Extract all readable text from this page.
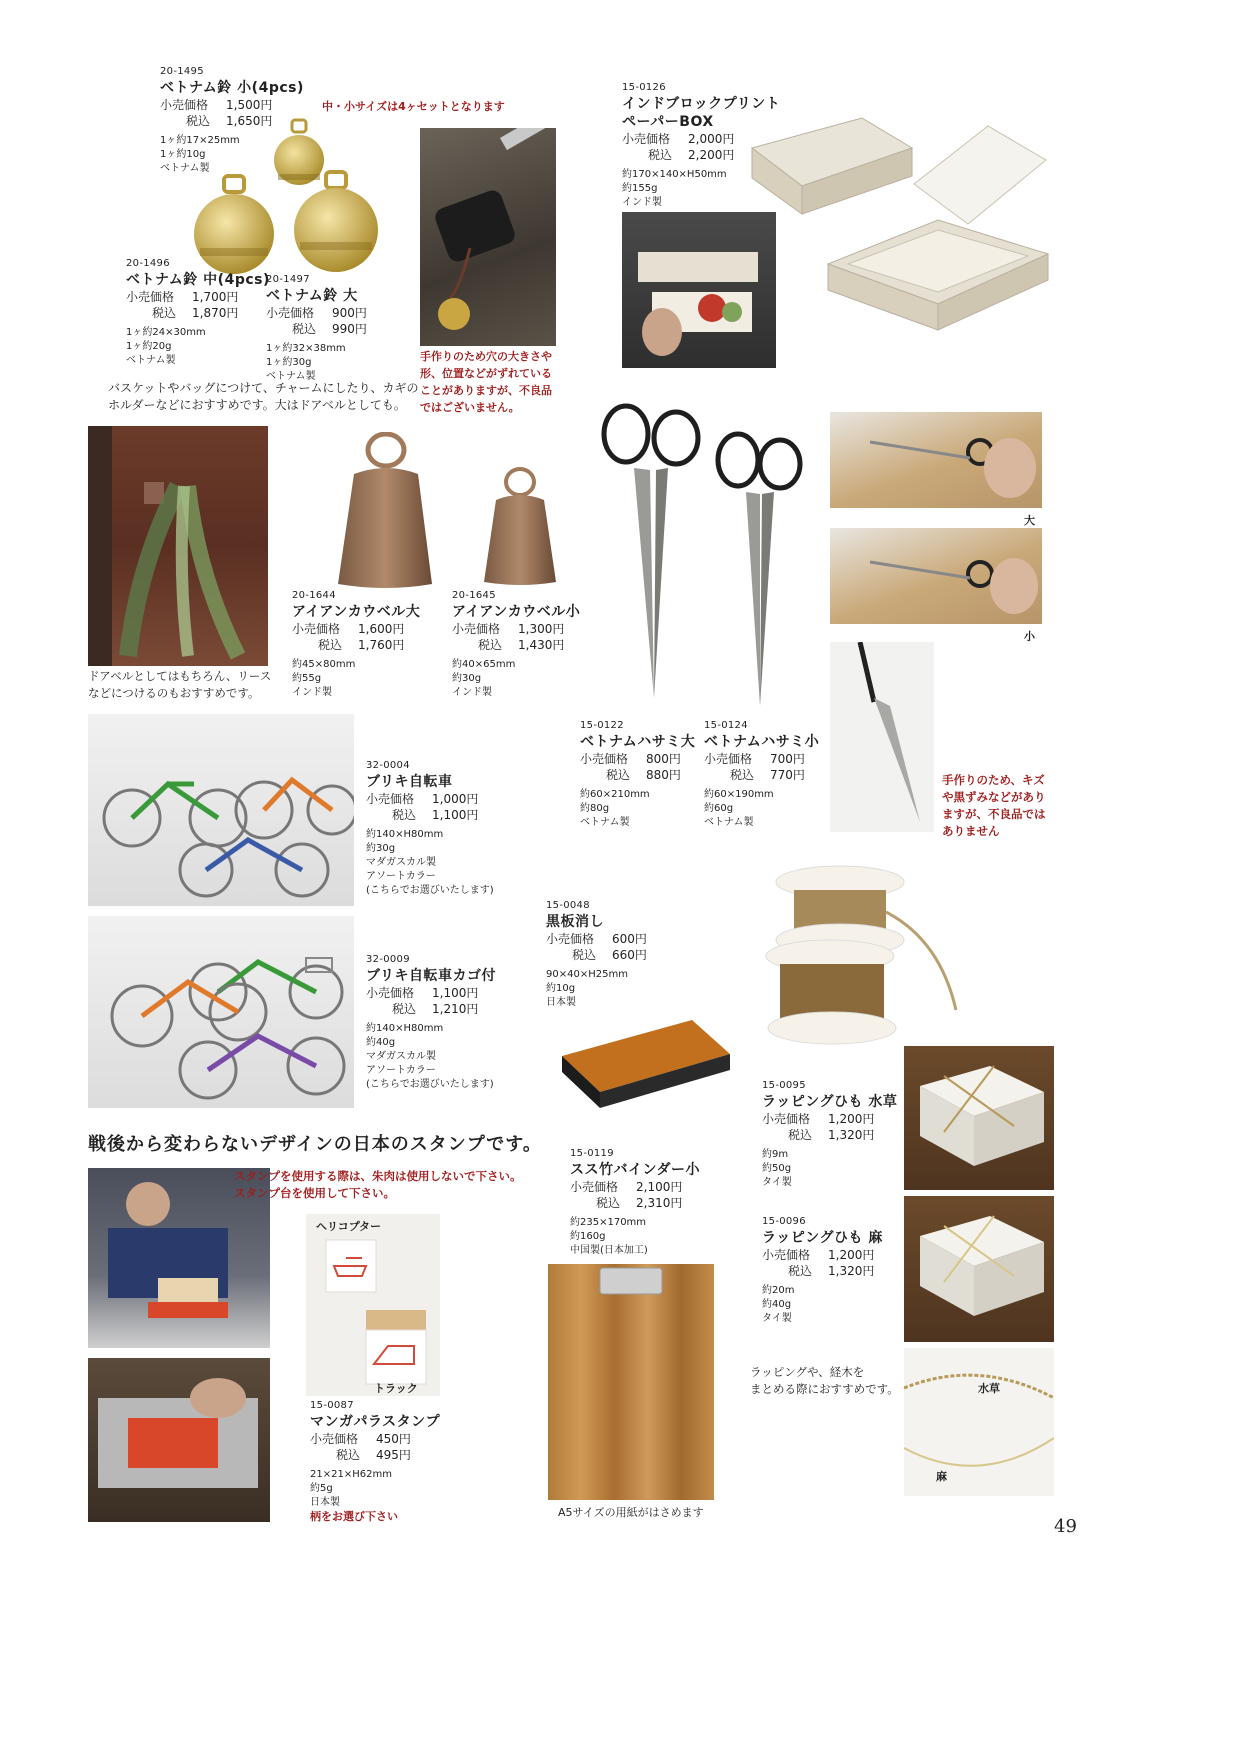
20-1495
ベトナム鈴 小(4pcs)
小売価格	1,500円
税込	1,650円
1ヶ約17×25mm
1ヶ約10g
ベトナム製
中・小サイズは4ヶセットとなります
20-1496
ベトナム鈴 中(4pcs)
小売価格	1,700円
税込	1,870円
1ヶ約24×30mm
1ヶ約20g
ベトナム製
20-1497
ベトナム鈴 大
小売価格	900円
税込	990円
1ヶ約32×38mm
1ヶ約30g
ベトナム製
バスケットやバッグにつけて、チャームにしたり、カギの
ホルダーなどにおすすめです。大はドアベルとしても。
手作りのため穴の大きさや
形、位置などがずれている
ことがありますが、不良品
ではございません。
15-0126
インドブロックプリント
ペーパーBOX
小売価格	2,000円
税込	2,200円
約170×140×H50mm
約155g
インド製
ドアベルとしてはもちろん、リース
などにつけるのもおすすめです。
20-1644
アイアンカウベル大
小売価格	1,600円
税込	1,760円
約45×80mm
約55g
インド製
20-1645
アイアンカウベル小
小売価格	1,300円
税込	1,430円
約40×65mm
約30g
インド製
大
小
15-0122
ベトナムハサミ大
小売価格	800円
税込	880円
約60×210mm
約80g
ベトナム製
15-0124
ベトナムハサミ小
小売価格	700円
税込	770円
約60×190mm
約60g
ベトナム製
手作りのため、キズ
や黒ずみなどがあり
ますが、不良品では
ありません
32-0004
ブリキ自転車
小売価格	1,000円
税込	1,100円
約140×H80mm
約30g
マダガスカル製
アソートカラー
(こちらでお選びいたします)
32-0009
ブリキ自転車カゴ付
小売価格	1,100円
税込	1,210円
約140×H80mm
約40g
マダガスカル製
アソートカラー
(こちらでお選びいたします)
15-0048
黒板消し
小売価格	600円
税込	660円
90×40×H25mm
約10g
日本製
15-0095
ラッピングひも 水草
小売価格	1,200円
税込	1,320円
約9m
約50g
タイ製
15-0096
ラッピングひも 麻
小売価格	1,200円
税込	1,320円
約20m
約40g
タイ製
ラッピングや、経木を
まとめる際におすすめです。	水草
麻
戦後から変わらないデザインの日本のスタンプです。
スタンプを使用する際は、朱肉は使用しないで下さい。
スタンプ台を使用して下さい。
ヘリコプター
トラック
15-0087
マンガパラスタンプ
小売価格	450円
税込	495円
21×21×H62mm
約5g
日本製
柄をお選び下さい
15-0119
スス竹バインダー小
小売価格	2,100円
税込	2,310円
約235×170mm
約160g
中国製(日本加工)
A5サイズの用紙がはさめます
49
